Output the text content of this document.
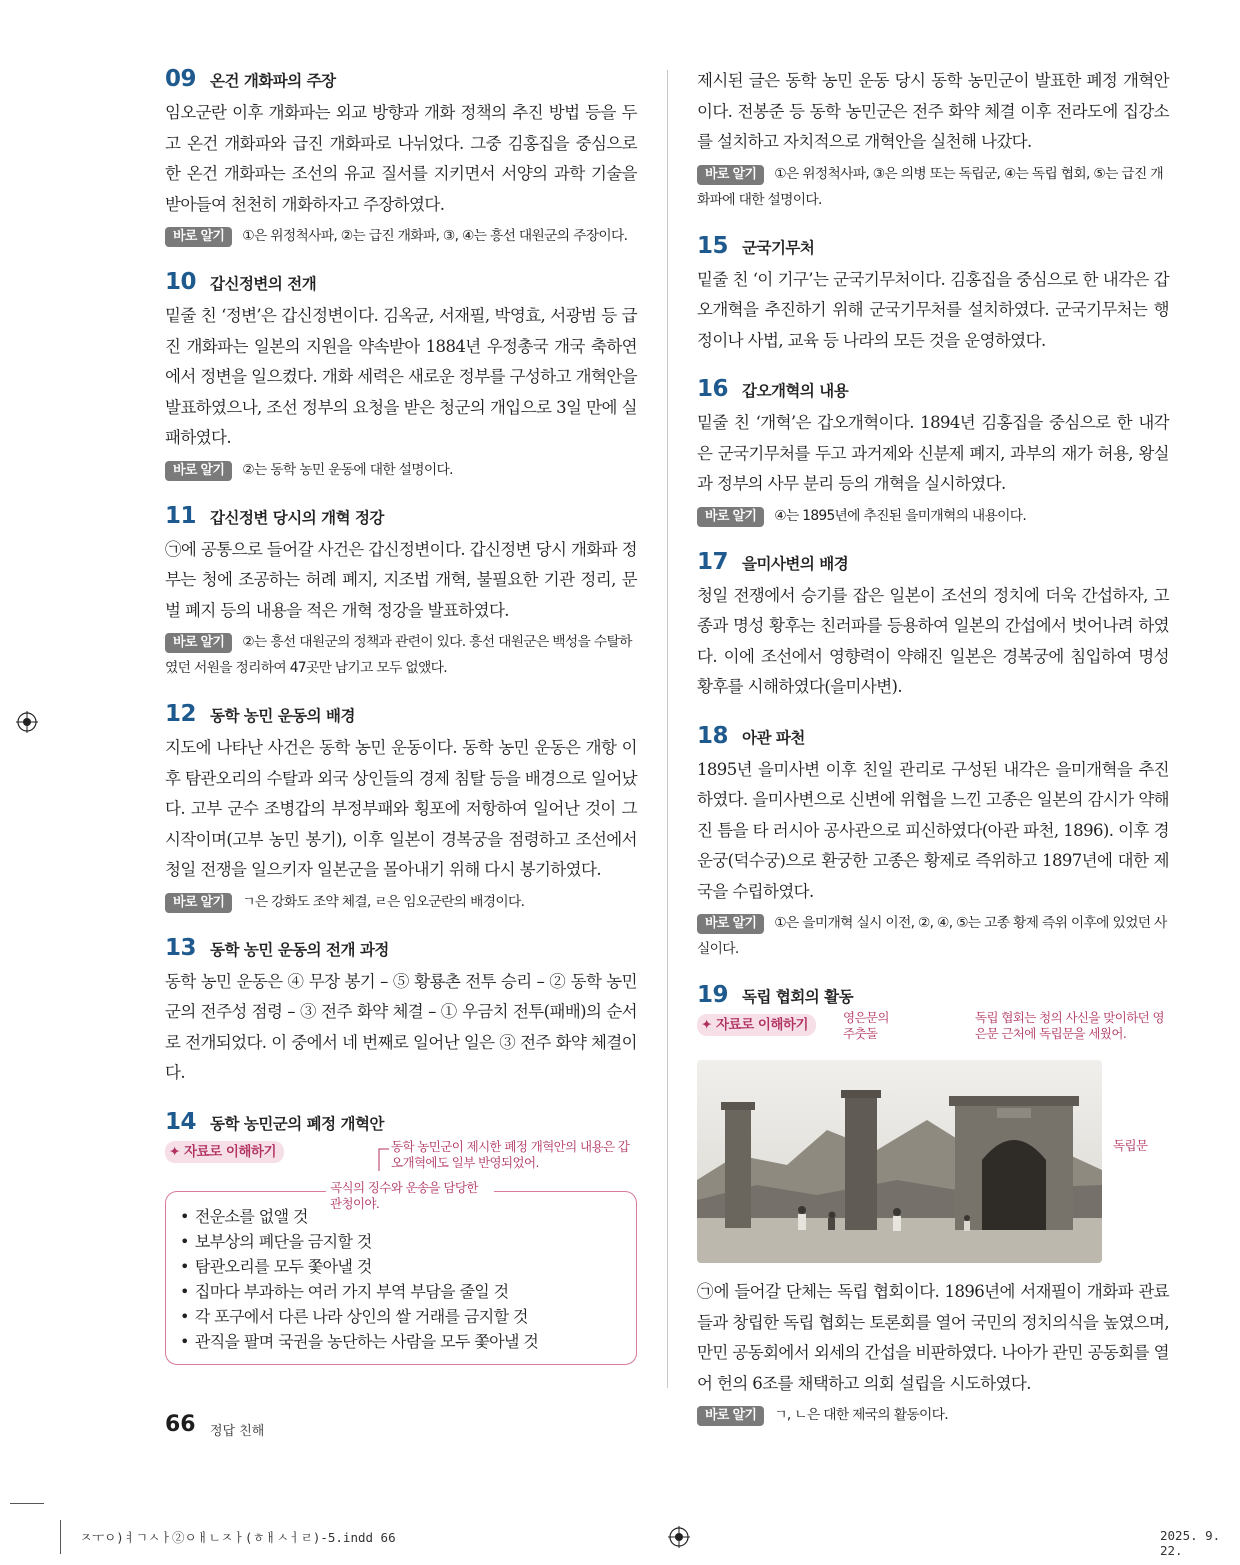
09 온건 개화파의 주장

임오군란 이후 개화파는 외교 방향과 개화 정책의 추진 방법 등을 두고 온건 개화파와 급진 개화파로 나뉘었다. 그중 김홍집을 중심으로 한 온건 개화파는 조선의 유교 질서를 지키면서 서양의 과학 기술을 받아들여 천천히 개화하자고 주장하였다.

바로 알기 ①은 위정척사파, ②는 급진 개화파, ③, ④는 흥선 대원군의 주장이다.
10 갑신정변의 전개

밑줄 친 ‘정변’은 갑신정변이다. 김옥균, 서재필, 박영효, 서광범 등 급진 개화파는 일본의 지원을 약속받아 1884년 우정총국 개국 축하연에서 정변을 일으켰다. 개화 세력은 새로운 정부를 구성하고 개혁안을 발표하였으나, 조선 정부의 요청을 받은 청군의 개입으로 3일 만에 실패하였다.

바로 알기 ②는 동학 농민 운동에 대한 설명이다.
11 갑신정변 당시의 개혁 정강

㉠에 공통으로 들어갈 사건은 갑신정변이다. 갑신정변 당시 개화파 정부는 청에 조공하는 허례 폐지, 지조법 개혁, 불필요한 기관 정리, 문벌 폐지 등의 내용을 적은 개혁 정강을 발표하였다.

바로 알기 ②는 흥선 대원군의 정책과 관련이 있다. 흥선 대원군은 백성을 수탈하였던 서원을 정리하여 47곳만 남기고 모두 없앴다.
12 동학 농민 운동의 배경

지도에 나타난 사건은 동학 농민 운동이다. 동학 농민 운동은 개항 이후 탐관오리의 수탈과 외국 상인들의 경제 침탈 등을 배경으로 일어났다. 고부 군수 조병갑의 부정부패와 횡포에 저항하여 일어난 것이 그 시작이며(고부 농민 봉기), 이후 일본이 경복궁을 점령하고 조선에서 청일 전쟁을 일으키자 일본군을 몰아내기 위해 다시 봉기하였다.

바로 알기 ㄱ은 강화도 조약 체결, ㄹ은 임오군란의 배경이다.
13 동학 농민 운동의 전개 과정

동학 농민 운동은 ④ 무장 봉기 – ⑤ 황룡촌 전투 승리 – ② 동학 농민군의 전주성 점령 – ③ 전주 화약 체결 – ① 우금치 전투(패배)의 순서로 전개되었다. 이 중에서 네 번째로 일어난 일은 ③ 전주 화약 체결이다.

14 동학 농민군의 폐정 개혁안
✦ 자료로 이해하기	동학 농민군이 제시한 폐정 개혁안의 내용은 갑오개혁에도 일부 반영되었어.
곡식의 징수와 운송을 담당한 관청이야.
• 전운소를 없앨 것
• 보부상의 폐단을 금지할 것
• 탐관오리를 모두 쫓아낼 것
• 집마다 부과하는 여러 가지 부역 부담을 줄일 것
• 각 포구에서 다른 나라 상인의 쌀 거래를 금지할 것
• 관직을 팔며 국권을 농단하는 사람을 모두 쫓아낼 것

제시된 글은 동학 농민 운동 당시 동학 농민군이 발표한 폐정 개혁안이다. 전봉준 등 동학 농민군은 전주 화약 체결 이후 전라도에 집강소를 설치하고 자치적으로 개혁안을 실천해 나갔다.

바로 알기 ①은 위정척사파, ③은 의병 또는 독립군, ④는 독립 협회, ⑤는 급진 개화파에 대한 설명이다.
15 군국기무처

밑줄 친 ‘이 기구’는 군국기무처이다. 김홍집을 중심으로 한 내각은 갑오개혁을 추진하기 위해 군국기무처를 설치하였다. 군국기무처는 행정이나 사법, 교육 등 나라의 모든 것을 운영하였다.

16 갑오개혁의 내용

밑줄 친 ‘개혁’은 갑오개혁이다. 1894년 김홍집을 중심으로 한 내각은 군국기무처를 두고 과거제와 신분제 폐지, 과부의 재가 허용, 왕실과 정부의 사무 분리 등의 개혁을 실시하였다.

바로 알기 ④는 1895년에 추진된 을미개혁의 내용이다.
17 을미사변의 배경

청일 전쟁에서 승기를 잡은 일본이 조선의 정치에 더욱 간섭하자, 고종과 명성 황후는 친러파를 등용하여 일본의 간섭에서 벗어나려 하였다. 이에 조선에서 영향력이 약해진 일본은 경복궁에 침입하여 명성 황후를 시해하였다(을미사변).

18 아관 파천

1895년 을미사변 이후 친일 관리로 구성된 내각은 을미개혁을 추진하였다. 을미사변으로 신변에 위협을 느낀 고종은 일본의 감시가 약해진 틈을 타 러시아 공사관으로 피신하였다(아관 파천, 1896). 이후 경운궁(덕수궁)으로 환궁한 고종은 황제로 즉위하고 1897년에 대한 제국을 수립하였다.

바로 알기 ①은 을미개혁 실시 이전, ②, ④, ⑤는 고종 황제 즉위 이후에 있었던 사실이다.
19 독립 협회의 활동
✦ 자료로 이해하기	영은문의 주춧돌
독립 협회는 청의 사신을 맞이하던 영은문 근처에 독립문을 세웠어.
독립문

㉠에 들어갈 단체는 독립 협회이다. 1896년에 서재필이 개화파 관료들과 창립한 독립 협회는 토론회를 열어 국민의 정치의식을 높였으며, 만민 공동회에서 외세의 간섭을 비판하였다. 나아가 관민 공동회를 열어 헌의 6조를 채택하고 의회 설립을 시도하였다.

바로 알기 ㄱ, ㄴ은 대한 제국의 활동이다.
66 정답 친해
ㅈㅜㅇ)ㅕㄱㅅㅏ②ㅇㅐㄴㅈㅏ(ㅎㅐㅅㅓㄹ)-5.indd 66	2025. 9. 22.
